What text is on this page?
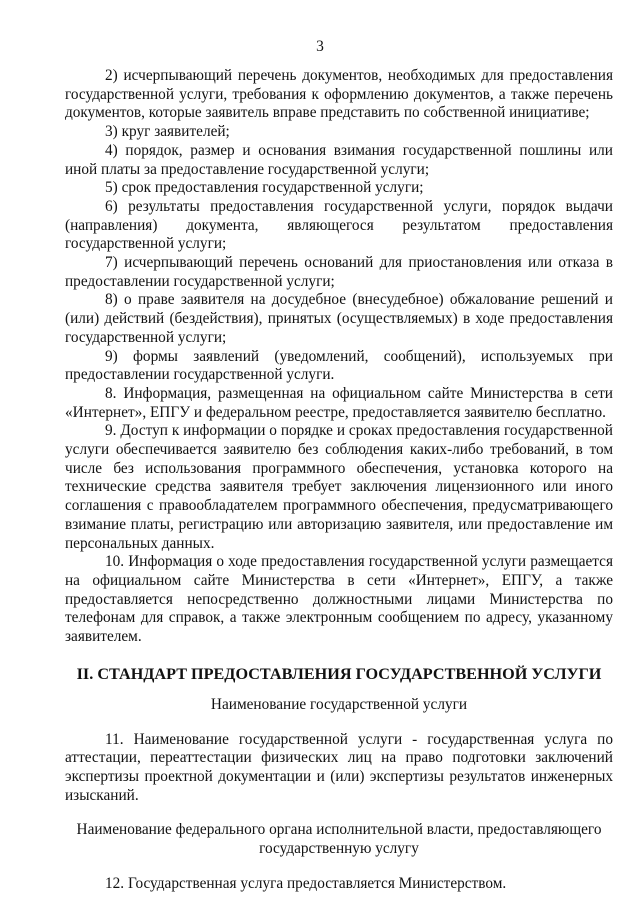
3

2) исчерпывающий перечень документов, необходимых для предоставления государственной услуги, требования к оформлению документов, а также перечень документов, которые заявитель вправе представить по собственной инициативе;

3) круг заявителей;

4) порядок, размер и основания взимания государственной пошлины или иной платы за предоставление государственной услуги;

5) срок предоставления государственной услуги;

6) результаты предоставления государственной услуги, порядок выдачи (направления) документа, являющегося результатом предоставления государственной услуги;

7) исчерпывающий перечень оснований для приостановления или отказа в предоставлении государственной услуги;

8) о праве заявителя на досудебное (внесудебное) обжалование решений и (или) действий (бездействия), принятых (осуществляемых) в ходе предоставления государственной услуги;

9) формы заявлений (уведомлений, сообщений), используемых при предоставлении государственной услуги.

8. Информация, размещенная на официальном сайте Министерства в сети «Интернет», ЕПГУ и федеральном реестре, предоставляется заявителю бесплатно.

9. Доступ к информации о порядке и сроках предоставления государственной услуги обеспечивается заявителю без соблюдения каких-либо требований, в том числе без использования программного обеспечения, установка которого на технические средства заявителя требует заключения лицензионного или иного соглашения с правообладателем программного обеспечения, предусматривающего взимание платы, регистрацию или авторизацию заявителя, или предоставление им персональных данных.

10. Информация о ходе предоставления государственной услуги размещается на официальном сайте Министерства в сети «Интернет», ЕПГУ, а также предоставляется непосредственно должностными лицами Министерства по телефонам для справок, а также электронным сообщением по адресу, указанному заявителем.

II. СТАНДАРТ ПРЕДОСТАВЛЕНИЯ ГОСУДАРСТВЕННОЙ УСЛУГИ

Наименование государственной услуги

11. Наименование государственной услуги - государственная услуга по аттестации, переаттестации физических лиц на право подготовки заключений экспертизы проектной документации и (или) экспертизы результатов инженерных изысканий.

Наименование федерального органа исполнительной власти, предоставляющего государственную услугу

12. Государственная услуга предоставляется Министерством.
